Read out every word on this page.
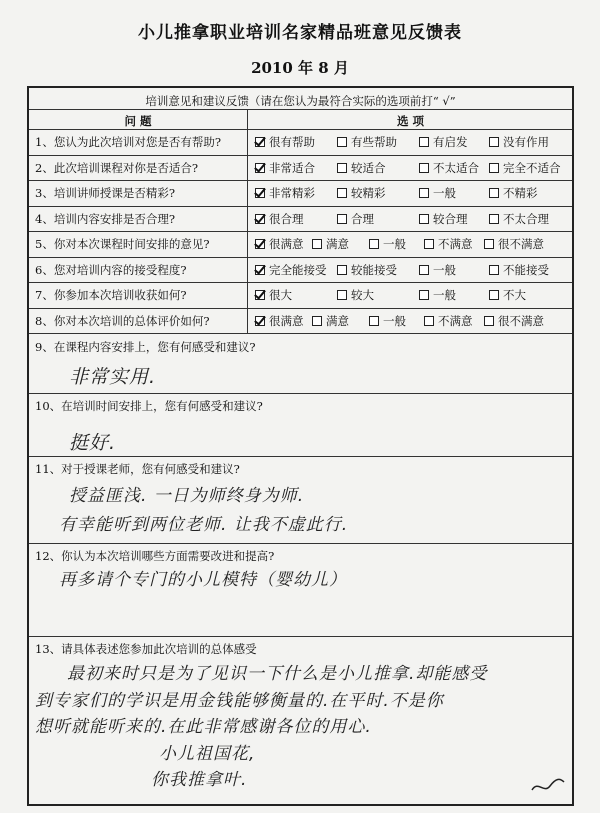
小儿推拿职业培训名家精品班意见反馈表
2010 年 8 月
培训意见和建议反馈（请在您认为最符合实际的选项前打“ √”
问 题	选 项
1、您认为此次培训对您是否有帮助?	很有帮助	有些帮助	有启发	没有作用
2、此次培训课程对你是否适合?	非常适合	较适合	不太适合 完全不适合
3、培训讲师授课是否精彩?	非常精彩	较精彩	一般	不精彩
4、培训内容安排是否合理?	很合理	合理	较合理	不太合理
5、你对本次课程时间安排的意见?	很满意 满意	一般	不满意 很不满意
6、您对培训内容的接受程度?	完全能接受 较能接受	一般	不能接受
7、你参加本次培训收获如何?	很大	较大	一般	不大
8、你对本次培训的总体评价如何?	很满意 满意	一般	不满意 很不满意
9、在课程内容安排上，您有何感受和建议?
非常实用.
10、在培训时间安排上，您有何感受和建议?
挺好.
11、对于授课老师，您有何感受和建议?
授益匪浅. 一日为师终身为师.
有幸能听到两位老师. 让我不虚此行.
12、你认为本次培训哪些方面需要改进和提高?
再多请个专门的小儿模特（婴幼儿）
13、请具体表述您参加此次培训的总体感受
最初来时只是为了见识一下什么是小儿推拿.却能感受
到专家们的学识是用金钱能够衡量的.在平时.不是你
想听就能听来的.在此非常感谢各位的用心.
小儿祖国花,
你我推拿叶.
